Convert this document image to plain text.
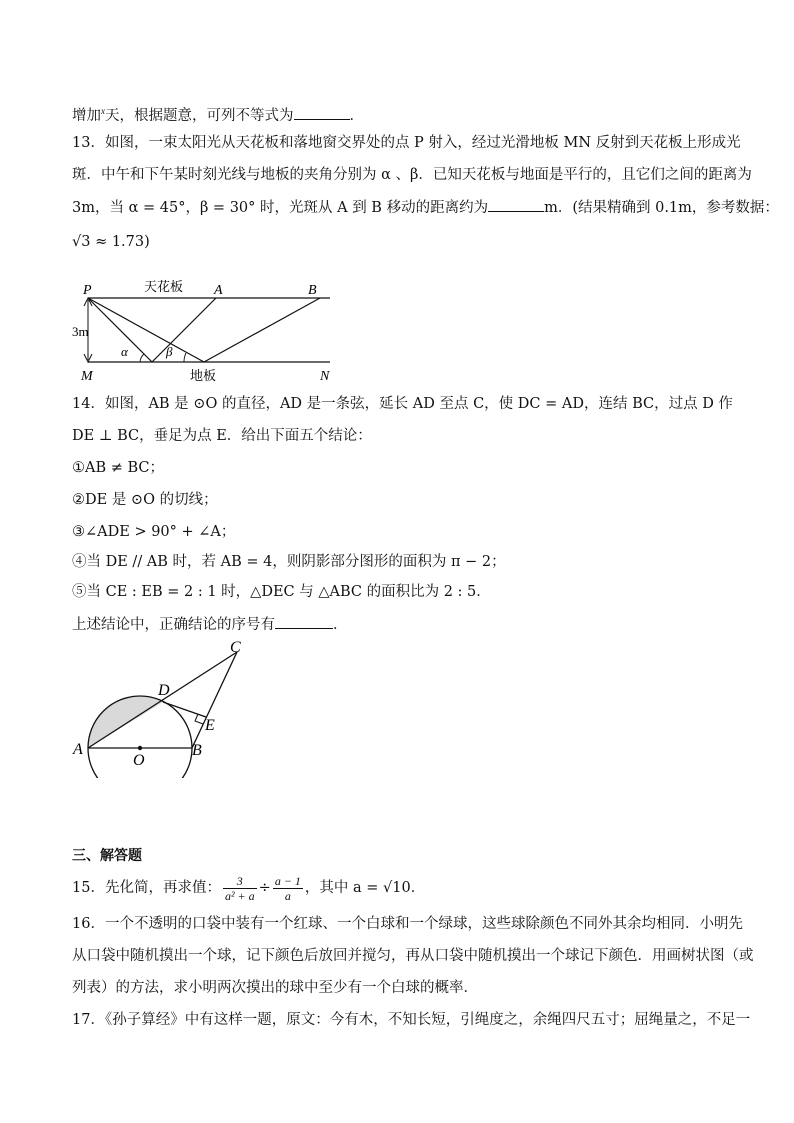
增加$^x$天，根据题意，可列不等式为	．
13．如图，一束太阳光从天花板和落地窗交界处的点 P 射入，经过光滑地板 MN 反射到天花板上形成光
斑．中午和下午某时刻光线与地板的夹角分别为 α 、β．已知天花板与地面是平行的，且它们之间的距离为
3m，当 α = 45°，β = 30° 时，光斑从 A 到 B 移动的距离约为	m．(结果精确到 0.1m，参考数据：
√3 ≈ 1.73)
P	天花板 A	B
3m
α	β
M	地板	N
14．如图，AB 是 ⊙O 的直径，AD 是一条弦，延长 AD 至点 C，使 DC = AD，连结 BC，过点 D 作
DE ⊥ BC，垂足为点 E．给出下面五个结论：
①AB ≠ BC；
②DE 是 ⊙O 的切线；
③∠ADE > 90° + ∠A；
④当 DE // AB 时，若 AB = 4，则阴影部分图形的面积为 π − 2；
⑤当 CE : EB = 2 : 1 时，△DEC 与 △ABC 的面积比为 2 : 5．
上述结论中，正确结论的序号有	．
C
D
E
A	B
O
三、解答题
15．先化简，再求值： $\frac{3}{\text{a² + a}} \div \frac{a - 1}{a}$ ，其中 a = √10．
16．一个不透明的口袋中装有一个红球、一个白球和一个绿球，这些球除颜色不同外其余均相同．小明先
从口袋中随机摸出一个球，记下颜色后放回并搅匀，再从口袋中随机摸出一个球记下颜色．用画树状图（或
列表）的方法，求小明两次摸出的球中至少有一个白球的概率．
17．《孙子算经》中有这样一题，原文：今有木，不知长短，引绳度之，余绳四尺五寸；屈绳量之，不足一
